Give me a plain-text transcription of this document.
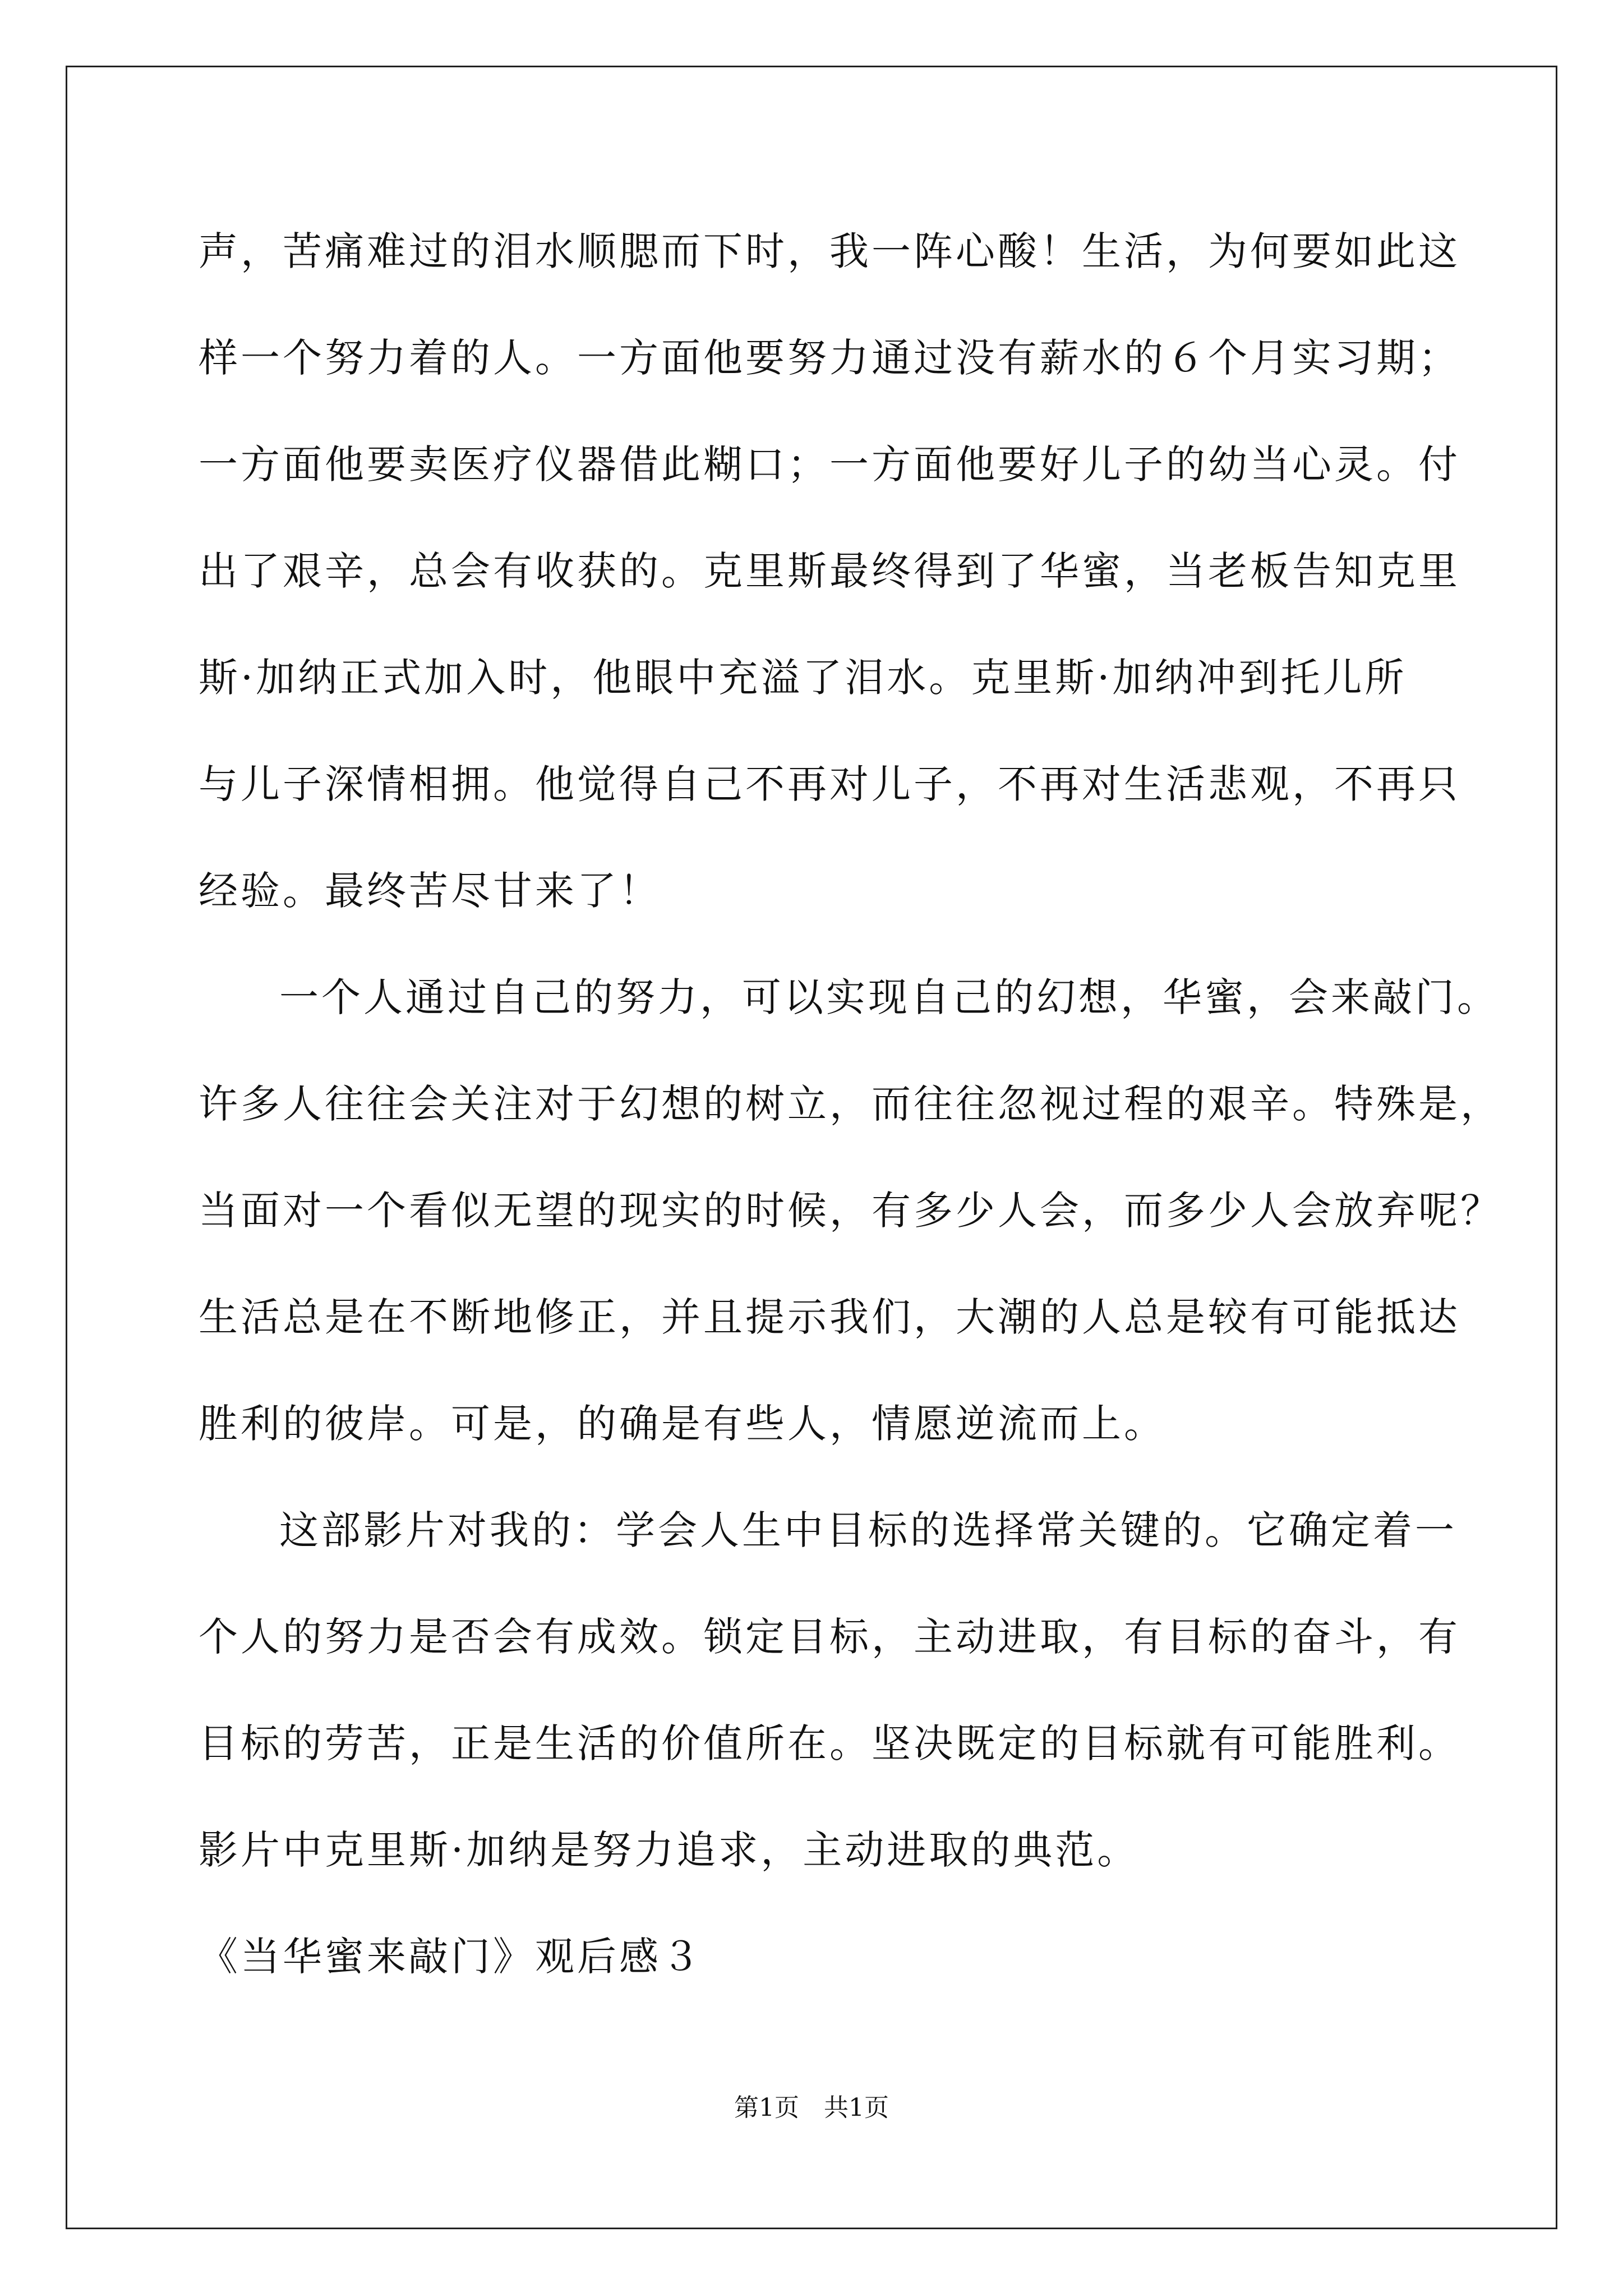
声，苦痛难过的泪水顺腮而下时，我一阵心酸！生活，为何要如此这
样一个努力着的人。一方面他要努力通过没有薪水的６个月实习期；
一方面他要卖医疗仪器借此糊口；一方面他要好儿子的幼当心灵。付
出了艰辛，总会有收获的。克里斯最终得到了华蜜，当老板告知克里
斯·加纳正式加入时，他眼中充溢了泪水。克里斯·加纳冲到托儿所
与儿子深情相拥。他觉得自己不再对儿子，不再对生活悲观，不再只
经验。最终苦尽甘来了！
一个人通过自己的努力，可以实现自己的幻想，华蜜，会来敲门。
许多人往往会关注对于幻想的树立，而往往忽视过程的艰辛。特殊是，
当面对一个看似无望的现实的时候，有多少人会，而多少人会放弃呢？
生活总是在不断地修正，并且提示我们，大潮的人总是较有可能抵达
胜利的彼岸。可是，的确是有些人，情愿逆流而上。
这部影片对我的：学会人生中目标的选择常关键的。它确定着一
个人的努力是否会有成效。锁定目标，主动进取，有目标的奋斗，有
目标的劳苦，正是生活的价值所在。坚决既定的目标就有可能胜利。
影片中克里斯·加纳是努力追求，主动进取的典范。
《当华蜜来敲门》观后感３
第1页　共1页
